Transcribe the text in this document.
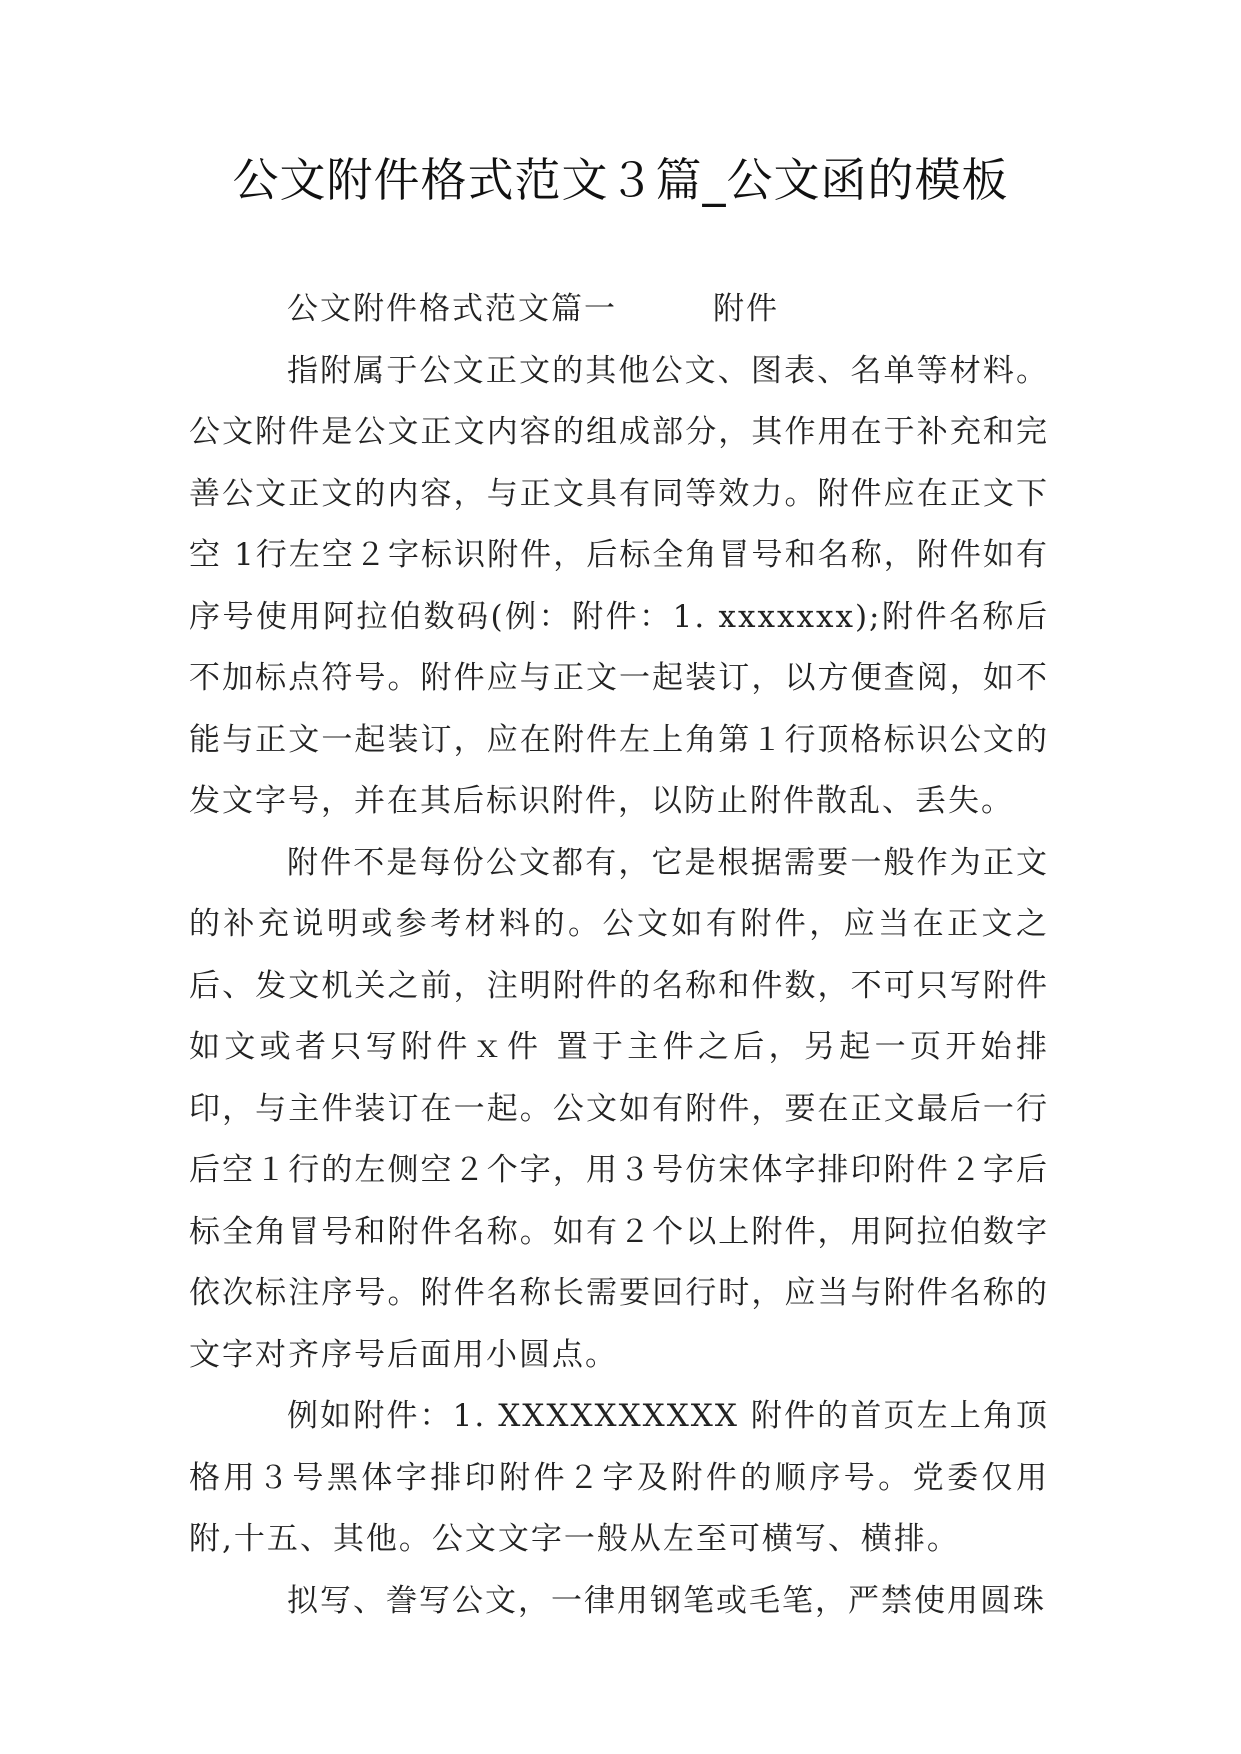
公文附件格式范文３篇_公文函的模板

公文附件格式范文篇一	附件

指附属于公文正文的其他公文、图表、名单等材料。公文附件是公文正文内容的组成部分，其作用在于补充和完善公文正文的内容，与正文具有同等效力。附件应在正文下空 1行左空２字标识附件，后标全角冒号和名称，附件如有序号使用阿拉伯数码(例：附件：1. xxxxxxx);附件名称后不加标点符号。附件应与正文一起装订，以方便查阅，如不能与正文一起装订，应在附件左上角第１行顶格标识公文的发文字号，并在其后标识附件，以防止附件散乱、丢失。

附件不是每份公文都有，它是根据需要一般作为正文的补充说明或参考材料的。公文如有附件，应当在正文之后、发文机关之前，注明附件的名称和件数，不可只写附件如文或者只写附件ｘ件 置于主件之后，另起一页开始排印，与主件装订在一起。公文如有附件，要在正文最后一行后空１行的左侧空２个字，用３号仿宋体字排印附件２字后标全角冒号和附件名称。如有２个以上附件，用阿拉伯数字依次标注序号。附件名称长需要回行时，应当与附件名称的文字对齐序号后面用小圆点。

例如附件：1. XXXXXXXXXX 附件的首页左上角顶格用３号黑体字排印附件２字及附件的顺序号。党委仅用附,十五、其他。公文文字一般从左至可横写、横排。

拟写、誊写公文，一律用钢笔或毛笔，严禁使用圆珠
